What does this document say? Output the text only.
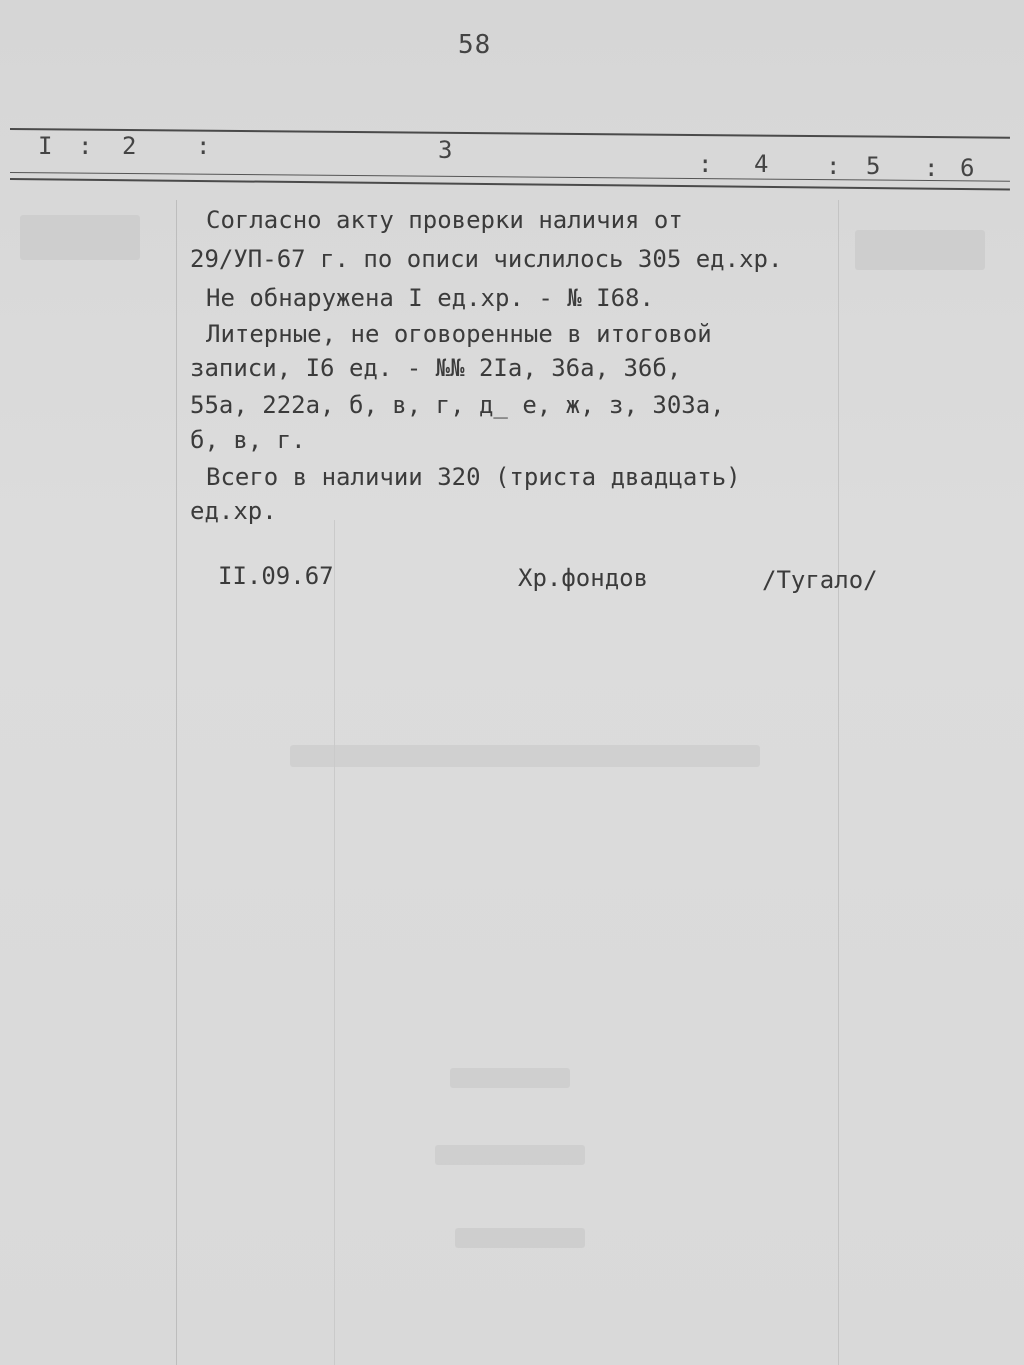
58
I : 2 :	3	: 4 : 5 : 6
Согласно акту проверки наличия от
29/УП-67 г. по описи числилось 305 ед.хр.
Не обнаружена I ед.хр. - № I68.
Литерные, не оговоренные в итоговой
записи, I6 ед. - №№ 2Iа, 36а, 36б,
55а, 222а, б, в, г, д_ е, ж, з, 303а,
б, в, г.
Всего в наличии 320 (триста двадцать)
ед.хр.
II.09.67	Хр.фондов	/Тугало/
